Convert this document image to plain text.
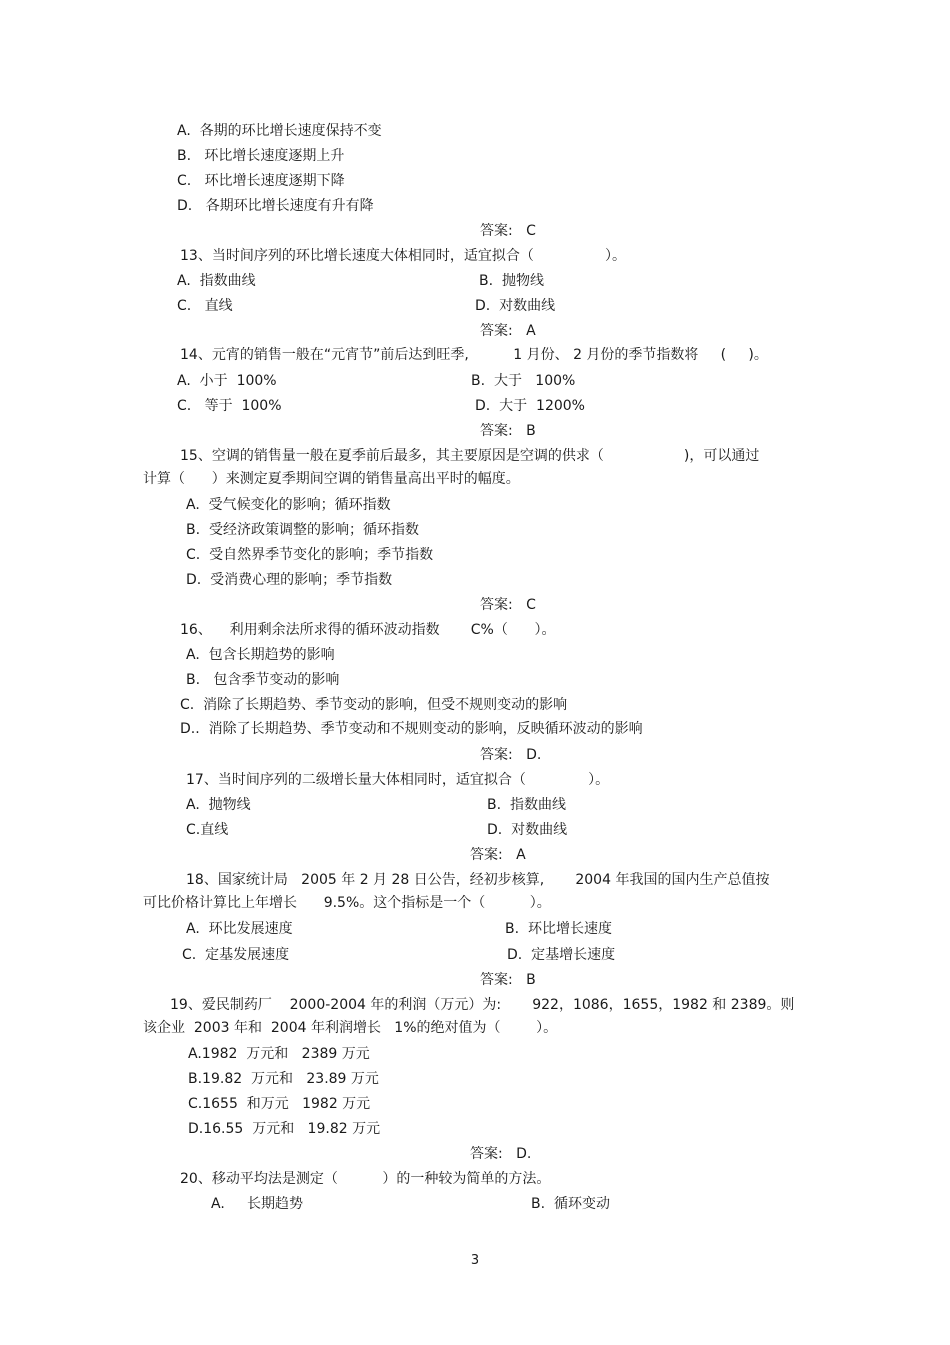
A.  各期的环比增长速度保持不变
B.   环比增长速度逐期上升
C.   环比增长速度逐期下降
D.   各期环比增长速度有升有降
答案:   C
13、当时间序列的环比增长速度大体相同时，适宜拟合（                ）。
A.  指数曲线	B.  抛物线
C.   直线	D.  对数曲线
答案:   A
14、元宵的销售一般在“元宵节”前后达到旺季,          1 月份、 2 月份的季节指数将     (     )。
A.  小于  100%	B.  大于   100%
C.   等于  100%	D.  大于  1200%
答案:   B
15、空调的销售量一般在夏季前后最多，其主要原因是空调的供求（                  )，可以通过
计算（      ）来测定夏季期间空调的销售量高出平时的幅度。
A.  受气候变化的影响；循环指数
B.  受经济政策调整的影响；循环指数
C.  受自然界季节变化的影响；季节指数
D.  受消费心理的影响；季节指数
答案:   C
16、    利用剩余法所求得的循环波动指数       C%（      ）。
A.  包含长期趋势的影响
B.   包含季节变动的影响
C.  消除了长期趋势、季节变动的影响，但受不规则变动的影响
D..  消除了长期趋势、季节变动和不规则变动的影响，反映循环波动的影响
答案:   D.
17、当时间序列的二级增长量大体相同时，适宜拟合（              ）。
A.  抛物线	B.  指数曲线
C.直线	D.  对数曲线
答案:   A
18、国家统计局   2005 年 2 月 28 日公告，经初步核算,       2004 年我国的国内生产总值按
可比价格计算比上年增长      9.5%。这个指标是一个（          ）。
A.  环比发展速度	B.  环比增长速度
C.  定基发展速度	D.  定基增长速度
答案:   B
19、爱民制药厂    2000-2004 年的利润（万元）为:       922，1086，1655，1982 和 2389。则
该企业  2003 年和  2004 年利润增长   1%的绝对值为（        ）。
A.1982  万元和   2389 万元
B.19.82  万元和   23.89 万元
C.1655  和万元   1982 万元
D.16.55  万元和   19.82 万元
答案:   D.
20、移动平均法是测定（          ）的一种较为简单的方法。
A.     长期趋势	B.  循环变动
3
